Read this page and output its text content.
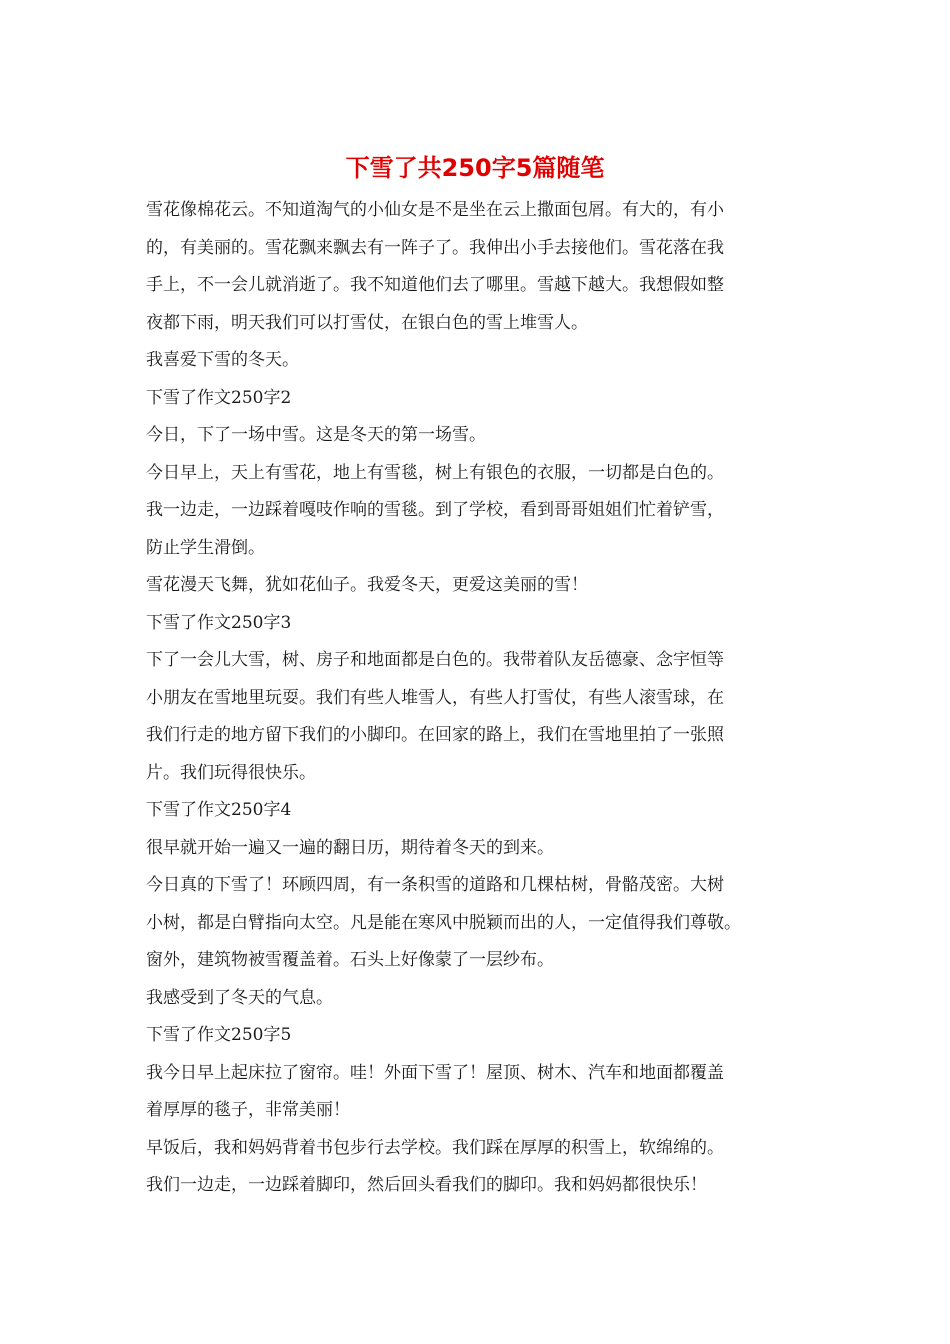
下雪了共250字5篇随笔

雪花像棉花云。不知道淘气的小仙女是不是坐在云上撒面包屑。有大的，有小

的，有美丽的。雪花飘来飘去有一阵子了。我伸出小手去接他们。雪花落在我

手上，不一会儿就消逝了。我不知道他们去了哪里。雪越下越大。我想假如整

夜都下雨，明天我们可以打雪仗，在银白色的雪上堆雪人。

我喜爱下雪的冬天。

下雪了作文250字2

今日，下了一场中雪。这是冬天的第一场雪。

今日早上，天上有雪花，地上有雪毯，树上有银色的衣服，一切都是白色的。

我一边走，一边踩着嘎吱作响的雪毯。到了学校，看到哥哥姐姐们忙着铲雪，

防止学生滑倒。

雪花漫天飞舞，犹如花仙子。我爱冬天，更爱这美丽的雪！

下雪了作文250字3

下了一会儿大雪，树、房子和地面都是白色的。我带着队友岳德豪、念宇恒等

小朋友在雪地里玩耍。我们有些人堆雪人，有些人打雪仗，有些人滚雪球，在

我们行走的地方留下我们的小脚印。在回家的路上，我们在雪地里拍了一张照

片。我们玩得很快乐。

下雪了作文250字4

很早就开始一遍又一遍的翻日历，期待着冬天的到来。

今日真的下雪了！环顾四周，有一条积雪的道路和几棵枯树，骨骼茂密。大树

小树，都是白臂指向太空。凡是能在寒风中脱颖而出的人，一定值得我们尊敬。

窗外，建筑物被雪覆盖着。石头上好像蒙了一层纱布。

我感受到了冬天的气息。

下雪了作文250字5

我今日早上起床拉了窗帘。哇！外面下雪了！屋顶、树木、汽车和地面都覆盖

着厚厚的毯子，非常美丽！

早饭后，我和妈妈背着书包步行去学校。我们踩在厚厚的积雪上，软绵绵的。

我们一边走，一边踩着脚印，然后回头看我们的脚印。我和妈妈都很快乐！
